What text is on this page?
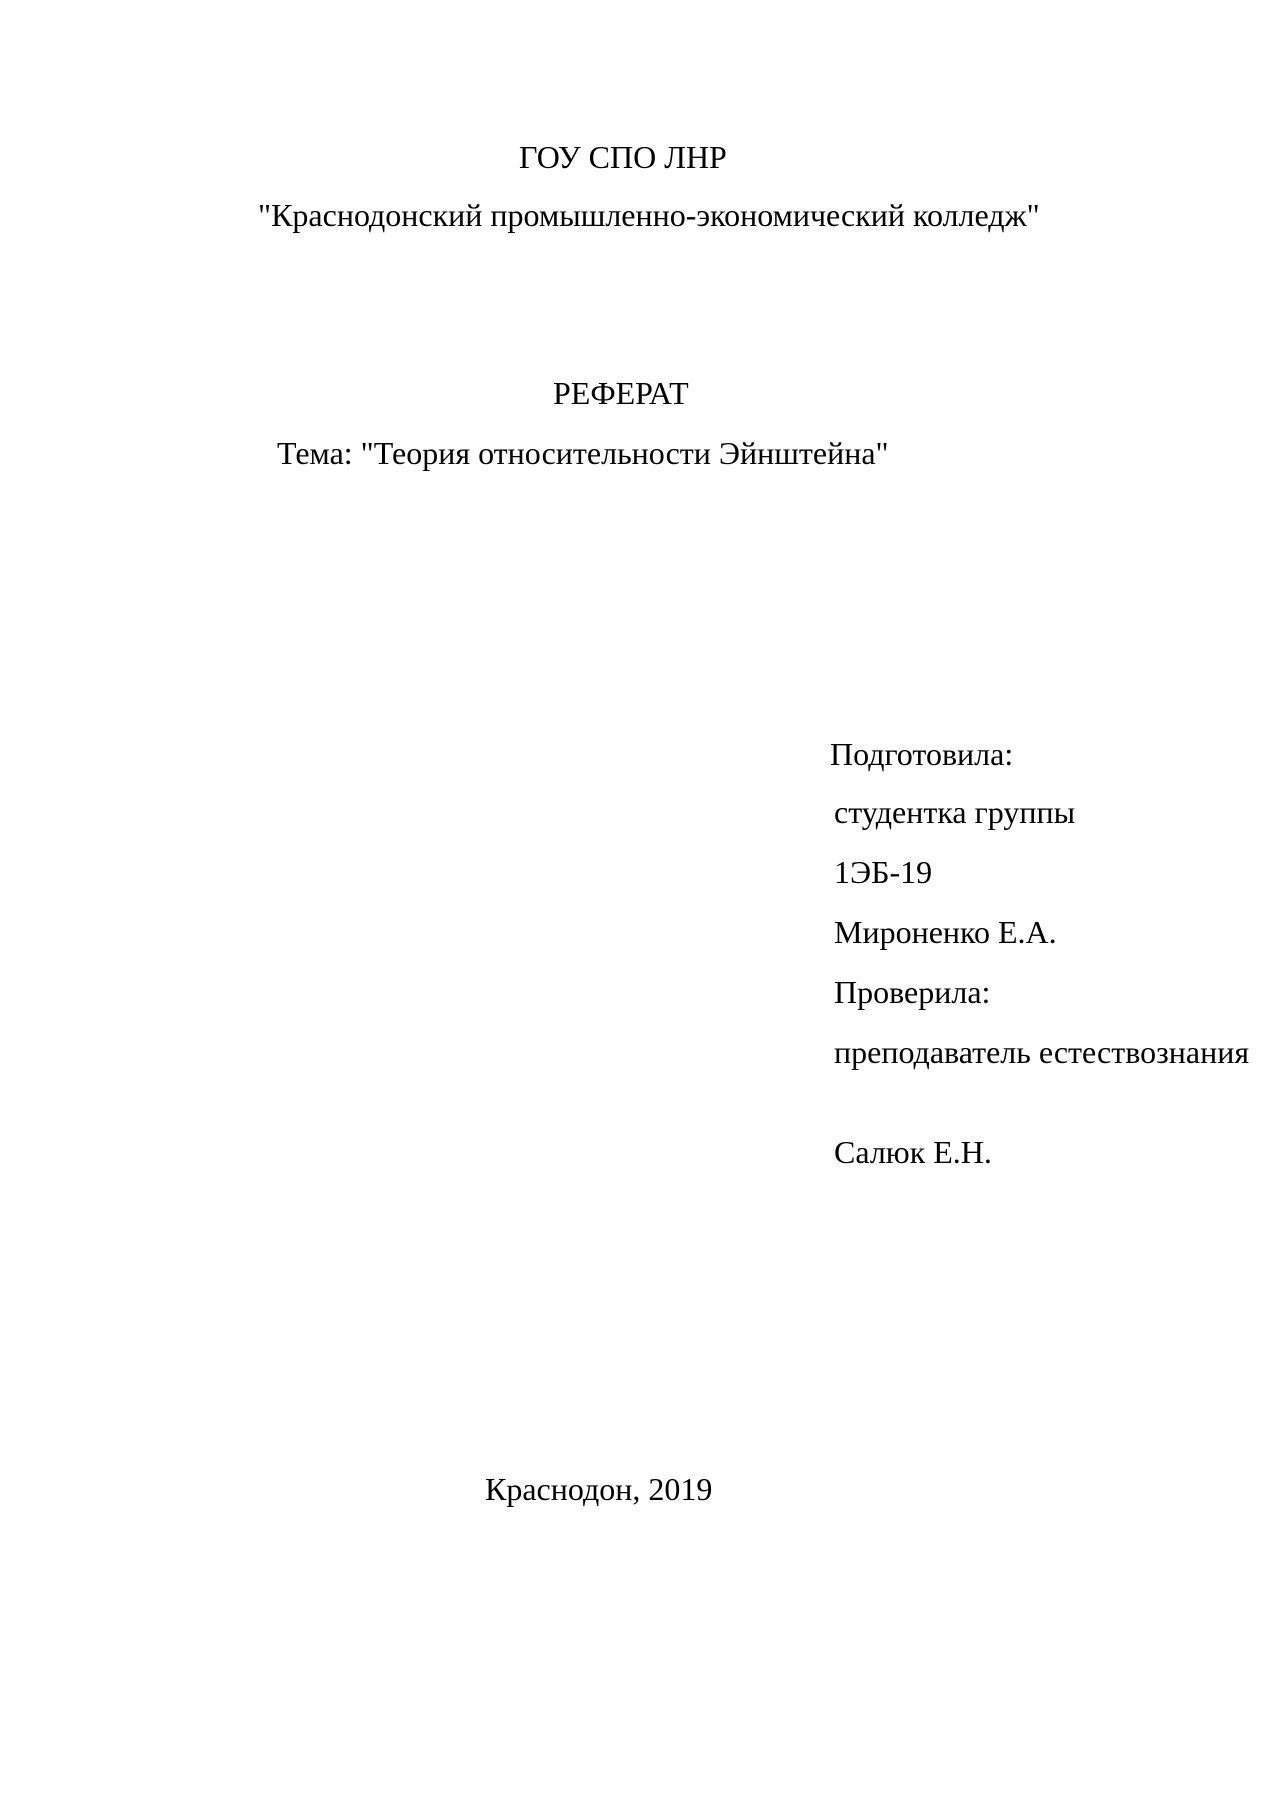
ГОУ СПО ЛНР
"Краснодонский промышленно-экономический колледж"
РЕФЕРАТ
Тема: "Теория относительности Эйнштейна"
Подготовила:
студентка группы
1ЭБ-19
Мироненко Е.А.
Проверила:
преподаватель естествознания
Салюк Е.Н.
Краснодон, 2019
